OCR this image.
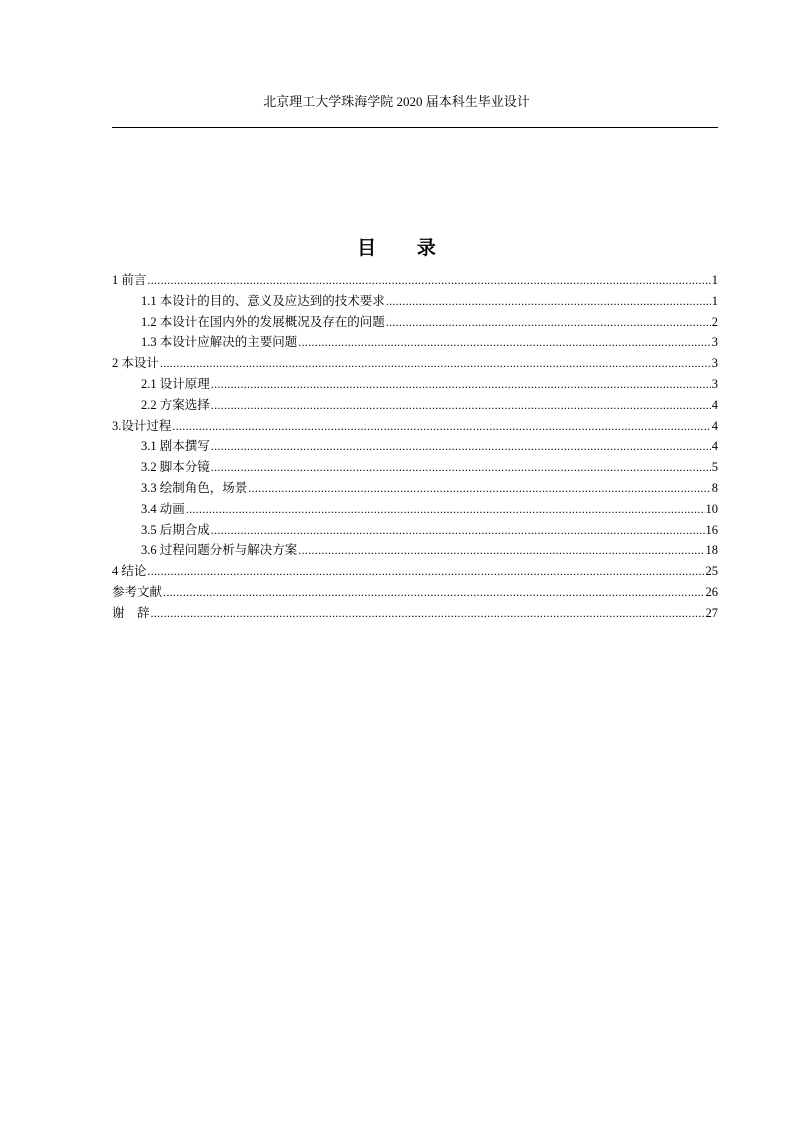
北京理工大学珠海学院 2020 届本科生毕业设计
目 录
1 前言 .....	1
1.1 本设计的目的、意义及应达到的技术要求 .....	1
1.2 本设计在国内外的发展概况及存在的问题 .....	2
1.3 本设计应解决的主要问题 .....	3
2 本设计 .....	3
2.1 设计原理 .....	3
2.2 方案选择 .....	4
3.设计过程 .....	4
3.1 剧本撰写 .....	4
3.2 脚本分镜 .....	5
3.3 绘制角色，场景 .....	8
3.4 动画 .....	10
3.5 后期合成 .....	16
3.6 过程问题分析与解决方案 .....	18
4 结论 .....	25
参考文献 .....	26
谢　辞 .....	27
